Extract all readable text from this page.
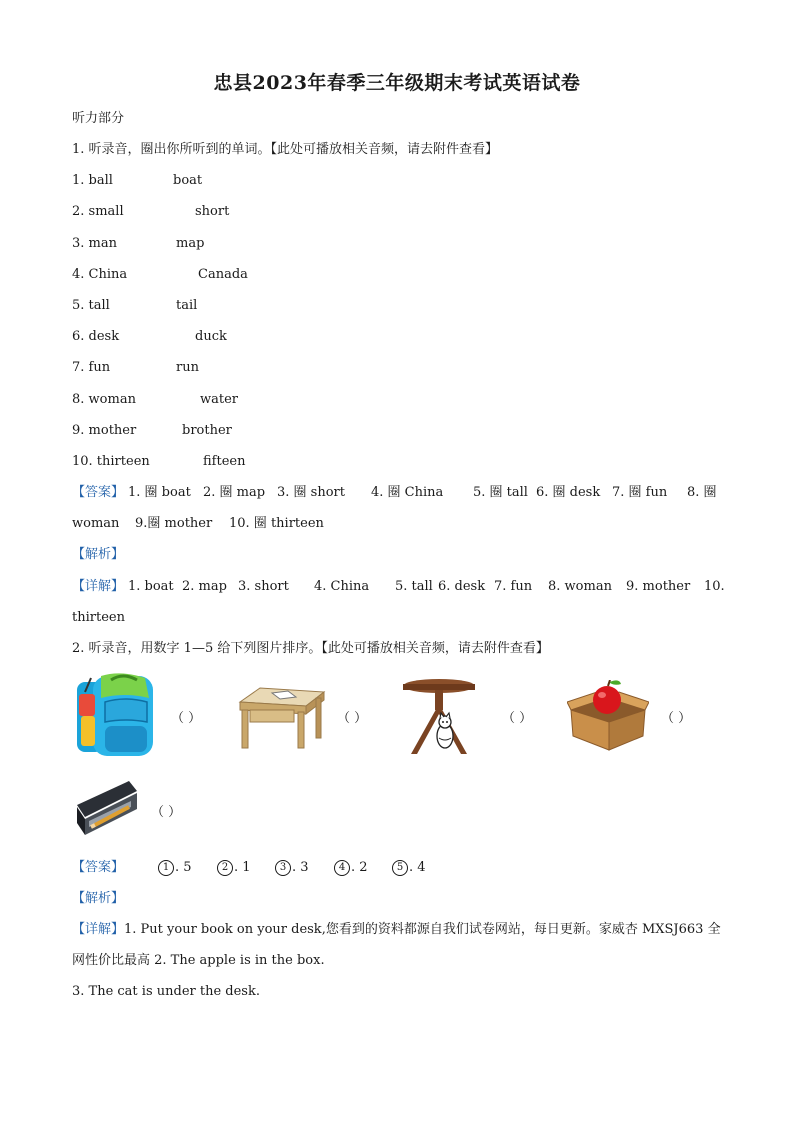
忠县2023年春季三年级期末考试英语试卷
听力部分
1. 听录音，圈出你所听到的单词。【此处可播放相关音频，请去附件查看】
1. ball	boat
2. small	short
3. man	map
4. China	Canada
5. tall	tail
6. desk	duck
7. fun	run
8. woman	water
9. mother	brother
10. thirteen	fifteen
【答案】 1. 圈 boat 2. 圈 map 3. 圈 short 4. 圈 China 5. 圈 tall 6. 圈 desk 7. 圈 fun 8. 圈
woman 9.圈 mother 10. 圈 thirteen
【解析】
【详解】 1. boat 2. map 3. short 4. China 5. tall 6. desk 7. fun 8. woman 9. mother 10.
thirteen
2. 听录音，用数字 1—5 给下列图片排序。【此处可播放相关音频，请去附件查看】
（ ）	（ ）	（ ）	（ ）
（ ）
【答案】	1 . 5	2 . 1	3 . 3	4 . 2	5 . 4
【解析】
【详解】1. Put your book on your desk,您看到的资料都源自我们试卷网站，每日更新。家威杏 MXSJ663 全
网性价比最高 2. The apple is in the box.
3. The cat is under the desk.
